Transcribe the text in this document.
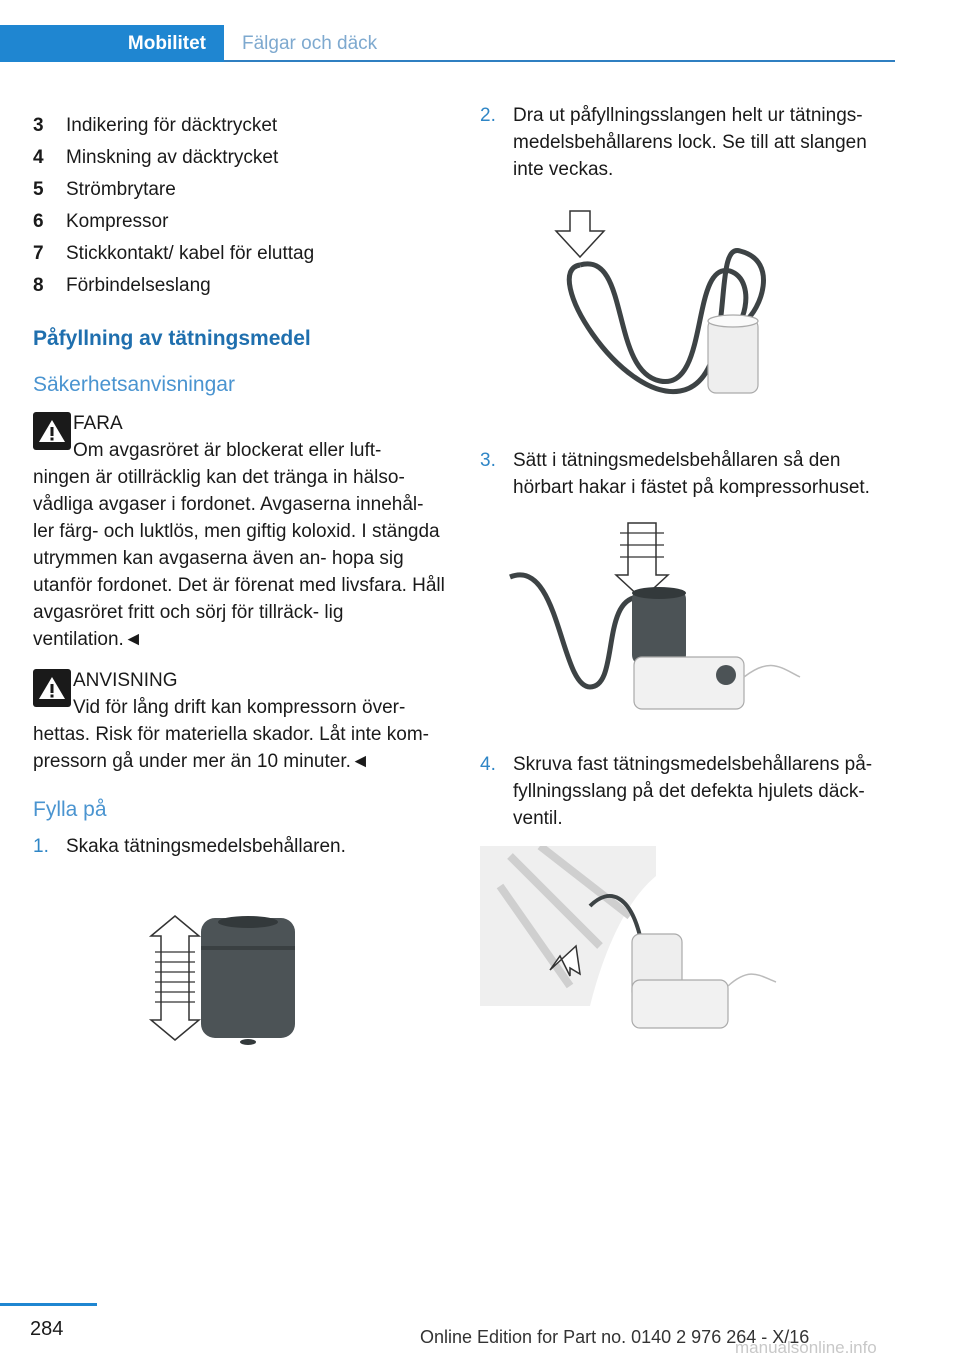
Mobilitet	Fälgar och däck
3	Indikering för däcktrycket
4	Minskning av däcktrycket
5	Strömbrytare
6	Kompressor
7	Stickkontakt/ kabel för eluttag
8	Förbindelseslang
Påfyllning av tätningsmedel
Säkerhetsanvisningar
FARA
Om avgasröret är blockerat eller luft-

ningen är otillräcklig kan det tränga in hälso- vådliga avgaser i fordonet. Avgaserna innehål- ler färg- och luktlös, men giftig koloxid. I stängda utrymmen kan avgaserna även an- hopa sig utanför fordonet. Det är förenat med livsfara. Håll avgasröret fritt och sörj för tillräck- lig ventilation.◄

ANVISNING
Vid för lång drift kan kompressorn över-

hettas. Risk för materiella skador. Låt inte kom- pressorn gå under mer än 10 minuter.◄

Fylla på
1. Skaka tätningsmedelsbehållaren.
2. Dra ut påfyllningsslangen helt ur tätnings- medelsbehållarens lock. Se till att slangen inte veckas.
3. Sätt i tätningsmedelsbehållaren så den hörbart hakar i fästet på kompressorhuset.
4. Skruva fast tätningsmedelsbehållarens på- fyllningsslang på det defekta hjulets däck- ventil.
284	Online Edition for Part no. 0140 2 976 264 - X/16
manualsonline.info
